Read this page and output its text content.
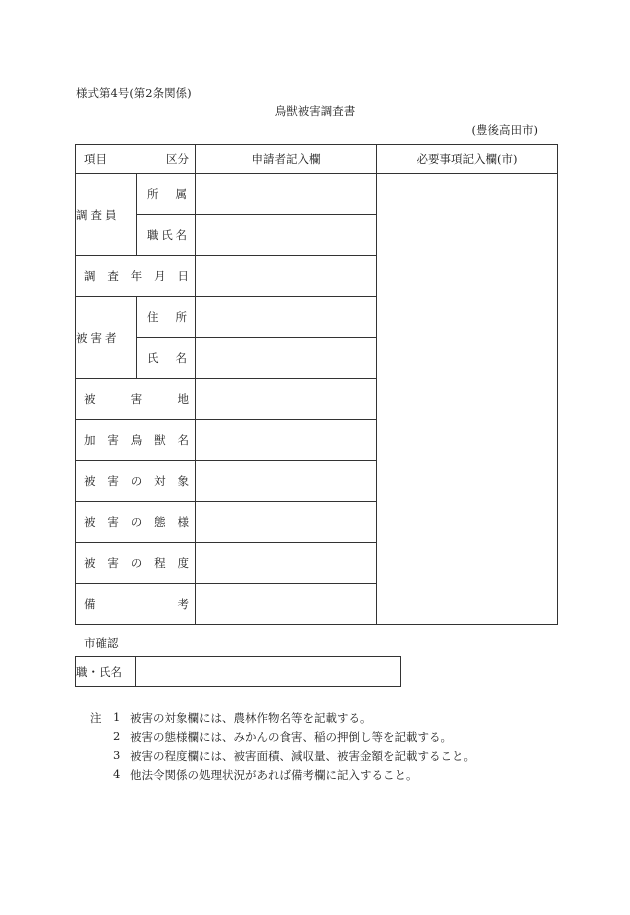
様式第4号(第2条関係)
鳥獣被害調査書
(豊後高田市)
項目 区分		申請者記入欄	必要事項記入欄(市)
調査員	所 属		

	職 氏 名		

調 査 年 月 日			

被害者	住 所		

	氏 名		

被 害 地			

加 害 鳥 獣 名			

被 害 の 対 象			

被 害 の 態 様			

被 害 の 程 度			

備 考			

市確認
職・氏名	
注 1 被害の対象欄には、農林作物名等を記載する。
2 被害の態様欄には、みかんの食害、稲の押倒し等を記載する。
3 被害の程度欄には、被害面積、減収量、被害金額を記載すること。
4 他法令関係の処理状況があれば備考欄に記入すること。
